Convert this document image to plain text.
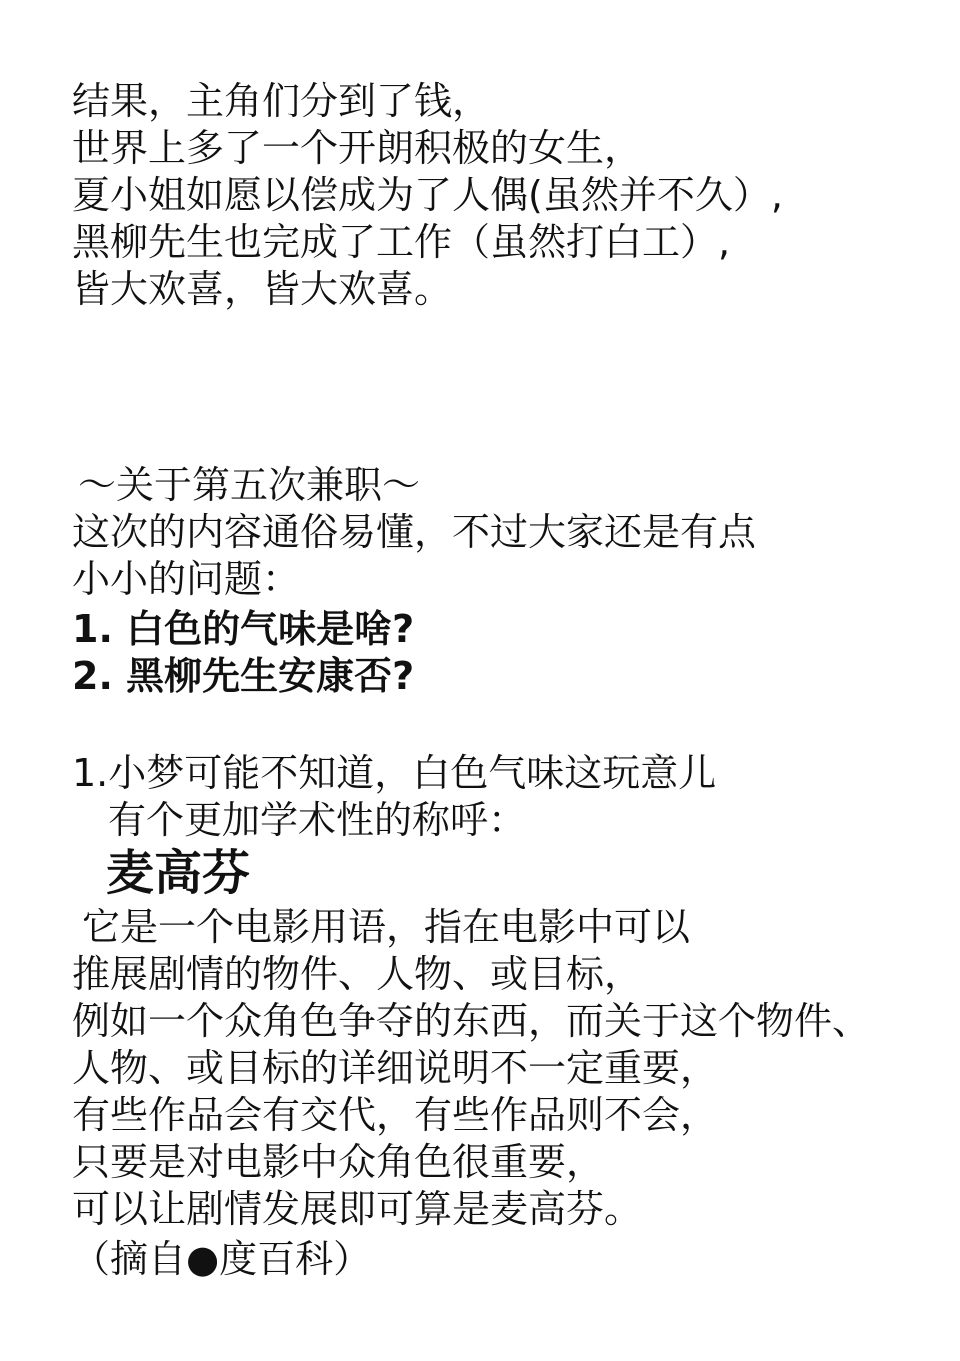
结果，主角们分到了钱，
世界上多了一个开朗积极的女生，
夏小姐如愿以偿成为了人偶(虽然并不久）,
黑柳先生也完成了工作（虽然打白工）,
皆大欢喜，皆大欢喜。
～关于第五次兼职～
这次的内容通俗易懂，不过大家还是有点
小小的问题：
1. 白色的气味是啥?
2. 黑柳先生安康否?
1.小梦可能不知道，白色气味这玩意儿
有个更加学术性的称呼：
麦高芬
它是一个电影用语，指在电影中可以
推展剧情的物件、人物、或目标，
例如一个众角色争夺的东西，而关于这个物件、
人物、或目标的详细说明不一定重要，
有些作品会有交代，有些作品则不会，
只要是对电影中众角色很重要，
可以让剧情发展即可算是麦高芬。
（摘自●度百科）
